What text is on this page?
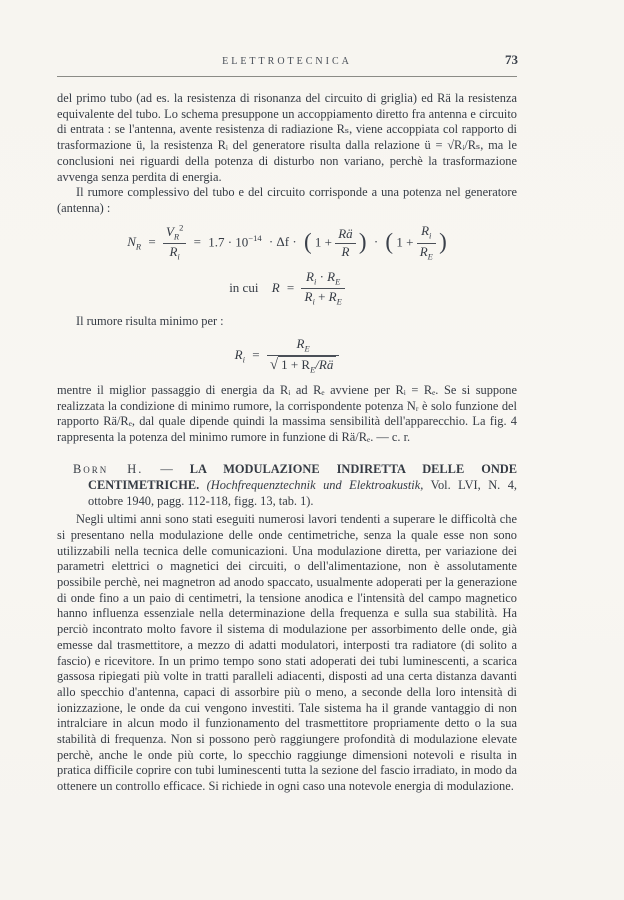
ELETTROTECNICA	73

del primo tubo (ad es. la resistenza di risonanza del circuito di griglia) ed Rä la resistenza equivalente del tubo. Lo schema presuppone un accoppiamento diretto fra antenna e circuito di entrata : se l'antenna, avente resistenza di radiazione Rₛ, viene accoppiata col rapporto di trasformazione ü, la resistenza Rᵢ del generatore risulta dalla relazione ü = √Rᵢ/Rₛ, ma le conclusioni nei riguardi della potenza di disturbo non variano, perchè la trasformazione avvenga senza perdita di energia.

Il rumore complessivo del tubo e del circuito corrisponde a una potenza nel generatore (antenna) :

$N_R = \frac{V_R^2}{R_i} = 1.7 \cdot 10^{-14} \cdot \Delta f$ · ( $1 + \frac{Rä}{R}$ ) · ( $1 + \frac{R_i}{R_E}$ )
in cui $R = \frac{R_i \cdot R_E}{R_i + R_E}$

Il rumore risulta minimo per :

$R_i = \frac{R_E}{√ 1 + R_E/Rä}$

mentre il miglior passaggio di energia da Rᵢ ad Rₑ avviene per Rᵢ = Rₑ. Se si suppone realizzata la condizione di minimo rumore, la corrispondente potenza Nᵣ è solo funzione del rapporto Rä/Rₑ, dal quale dipende quindi la massima sensibilità dell'apparecchio. La fig. 4 rappresenta la potenza del minimo rumore in funzione di Rä/Rₑ. — c. r.

Born H. — LA MODULAZIONE INDIRETTA DELLE ONDE CENTIMETRICHE. (Hochfrequenztechnik und Elektroakustik, Vol. LVI, N. 4, ottobre 1940, pagg. 112-118, figg. 13, tab. 1).

Negli ultimi anni sono stati eseguiti numerosi lavori tendenti a superare le difficoltà che si presentano nella modulazione delle onde centimetriche, senza la quale esse non sono utilizzabili nella tecnica delle comunicazioni. Una modulazione diretta, per variazione dei parametri elettrici o magnetici dei circuiti, o dell'alimentazione, non è assolutamente possibile perchè, nei magnetron ad anodo spaccato, usualmente adoperati per la generazione di onde fino a un paio di centimetri, la tensione anodica e l'intensità del campo magnetico hanno influenza essenziale nella determinazione della frequenza e sulla sua stabilità. Ha perciò incontrato molto favore il sistema di modulazione per assorbimento delle onde, già emesse dal trasmettitore, a mezzo di adatti modulatori, interposti tra radiatore (di solito a fascio) e ricevitore. In un primo tempo sono stati adoperati dei tubi luminescenti, a scarica gassosa ripiegati più volte in tratti paralleli adiacenti, disposti ad una certa distanza davanti allo specchio d'antenna, capaci di assorbire più o meno, a seconde della loro intensità di ionizzazione, le onde da cui vengono investiti. Tale sistema ha il grande vantaggio di non intralciare in alcun modo il funzionamento del trasmettitore propriamente detto o la sua stabilità di frequenza. Non si possono però raggiungere profondità di modulazione elevate perchè, anche le onde più corte, lo specchio raggiunge dimensioni notevoli e risulta in pratica difficile coprire con tubi luminescenti tutta la sezione del fascio irradiato, in modo da ottenere un controllo efficace. Si richiede in ogni caso una notevole energia di modulazione.
